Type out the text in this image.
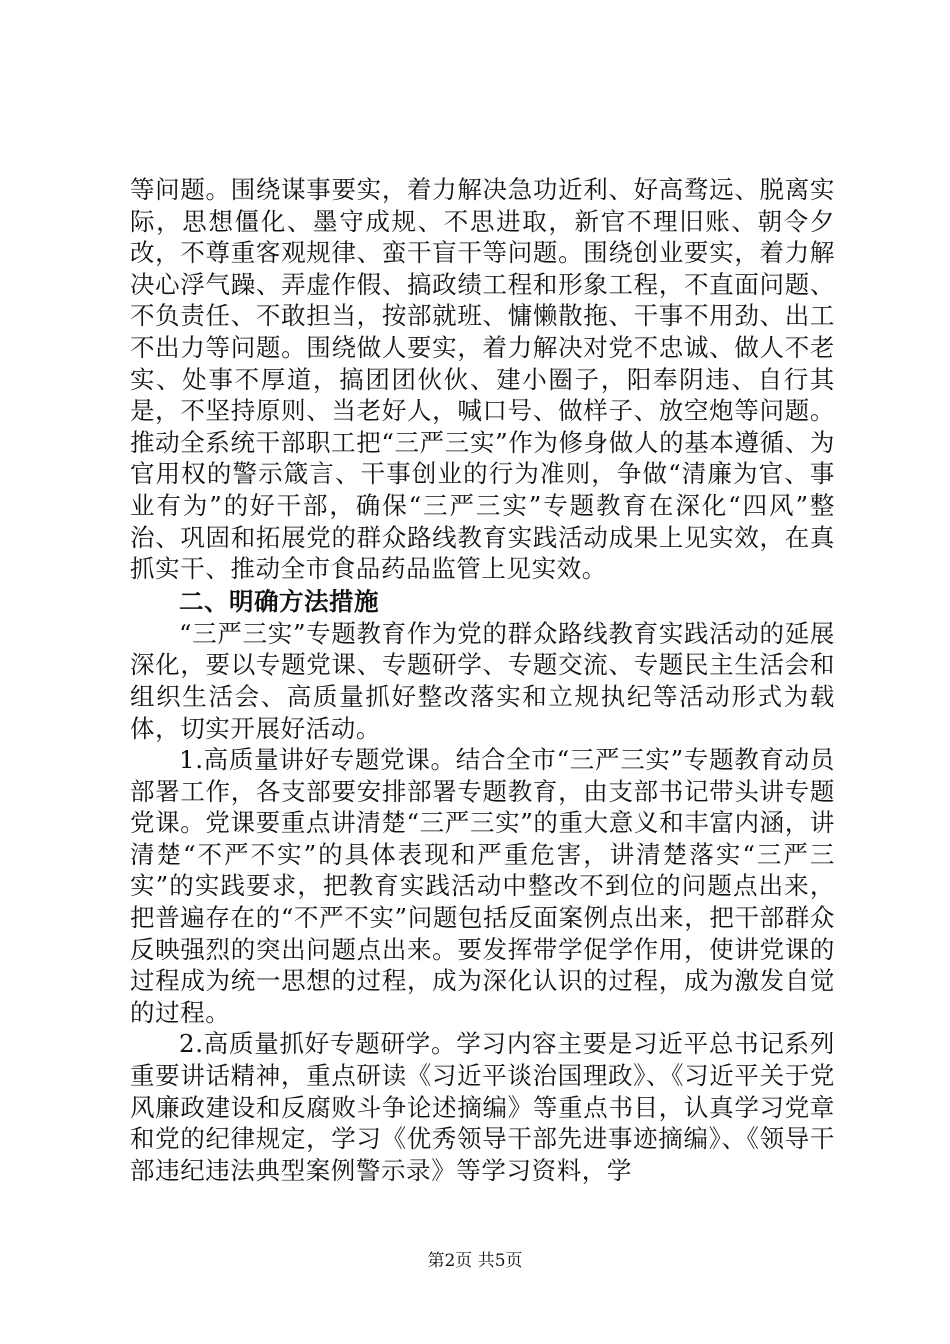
等问题。围绕谋事要实，着力解决急功近利、好高骛远、脱离实际，思想僵化、墨守成规、不思进取，新官不理旧账、朝令夕改，不尊重客观规律、蛮干盲干等问题。围绕创业要实，着力解决心浮气躁、弄虚作假、搞政绩工程和形象工程，不直面问题、不负责任、不敢担当，按部就班、慵懒散拖、干事不用劲、出工不出力等问题。围绕做人要实，着力解决对党不忠诚、做人不老实、处事不厚道，搞团团伙伙、建小圈子，阳奉阴违、自行其是，不坚持原则、当老好人，喊口号、做样子、放空炮等问题。推动全系统干部职工把“三严三实”作为修身做人的基本遵循、为官用权的警示箴言、干事创业的行为准则，争做“清廉为官、事业有为”的好干部，确保“三严三实”专题教育在深化“四风”整治、巩固和拓展党的群众路线教育实践活动成果上见实效，在真抓实干、推动全市食品药品监管上见实效。

二、明确方法措施

“三严三实”专题教育作为党的群众路线教育实践活动的延展深化，要以专题党课、专题研学、专题交流、专题民主生活会和组织生活会、高质量抓好整改落实和立规执纪等活动形式为载体，切实开展好活动。

1.高质量讲好专题党课。结合全市“三严三实”专题教育动员部署工作，各支部要安排部署专题教育，由支部书记带头讲专题党课。党课要重点讲清楚“三严三实”的重大意义和丰富内涵，讲清楚“不严不实”的具体表现和严重危害，讲清楚落实“三严三实”的实践要求，把教育实践活动中整改不到位的问题点出来，把普遍存在的“不严不实”问题包括反面案例点出来，把干部群众反映强烈的突出问题点出来。要发挥带学促学作用，使讲党课的过程成为统一思想的过程，成为深化认识的过程，成为激发自觉的过程。

2.高质量抓好专题研学。学习内容主要是习近平总书记系列重要讲话精神，重点研读《习近平谈治国理政》、《习近平关于党风廉政建设和反腐败斗争论述摘编》等重点书目，认真学习党章和党的纪律规定，学习《优秀领导干部先进事迹摘编》、《领导干部违纪违法典型案例警示录》等学习资料，学

第2页 共5页
